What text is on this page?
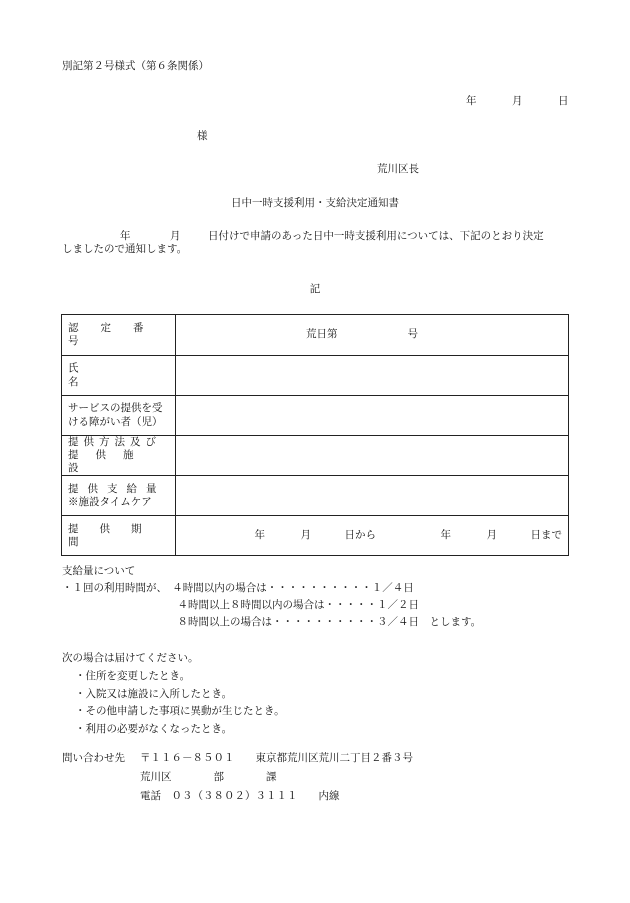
別記第２号様式（第６条関係）
年	月	日
様
荒川区長
日中一時支援利用・支給決定通知書
年	月	日付けで申請のあった日中一時支援利用については、下記のとおり決定
しましたので通知します。
記
認定番号	荒日第 号

氏名	

サービスの提供を受
ける障がい者（児）	

提供方法及び
提供施設	

提供支給量
※施設タイムケア	

提供期間	年 月 日から 年 月 日まで
支給量について
・１回の利用時間が、　４時間以内の場合は・・・・・・・・・・１／４日
　　　　　　　　　　　４時間以上８時間以内の場合は・・・・・１／２日
　　　　　　　　　　　８時間以上の場合は・・・・・・・・・・３／４日　とします。
次の場合は届けてください。
・住所を変更したとき。
・入院又は施設に入所したとき。
・その他申請した事項に異動が生じたとき。
・利用の必要がなくなったとき。
問い合わせ先 〒１１６－８５０１　　東京都荒川区荒川二丁目２番３号
荒川区　　　　部　　　　課
電話　０３（３８０２）３１１１　　内線
